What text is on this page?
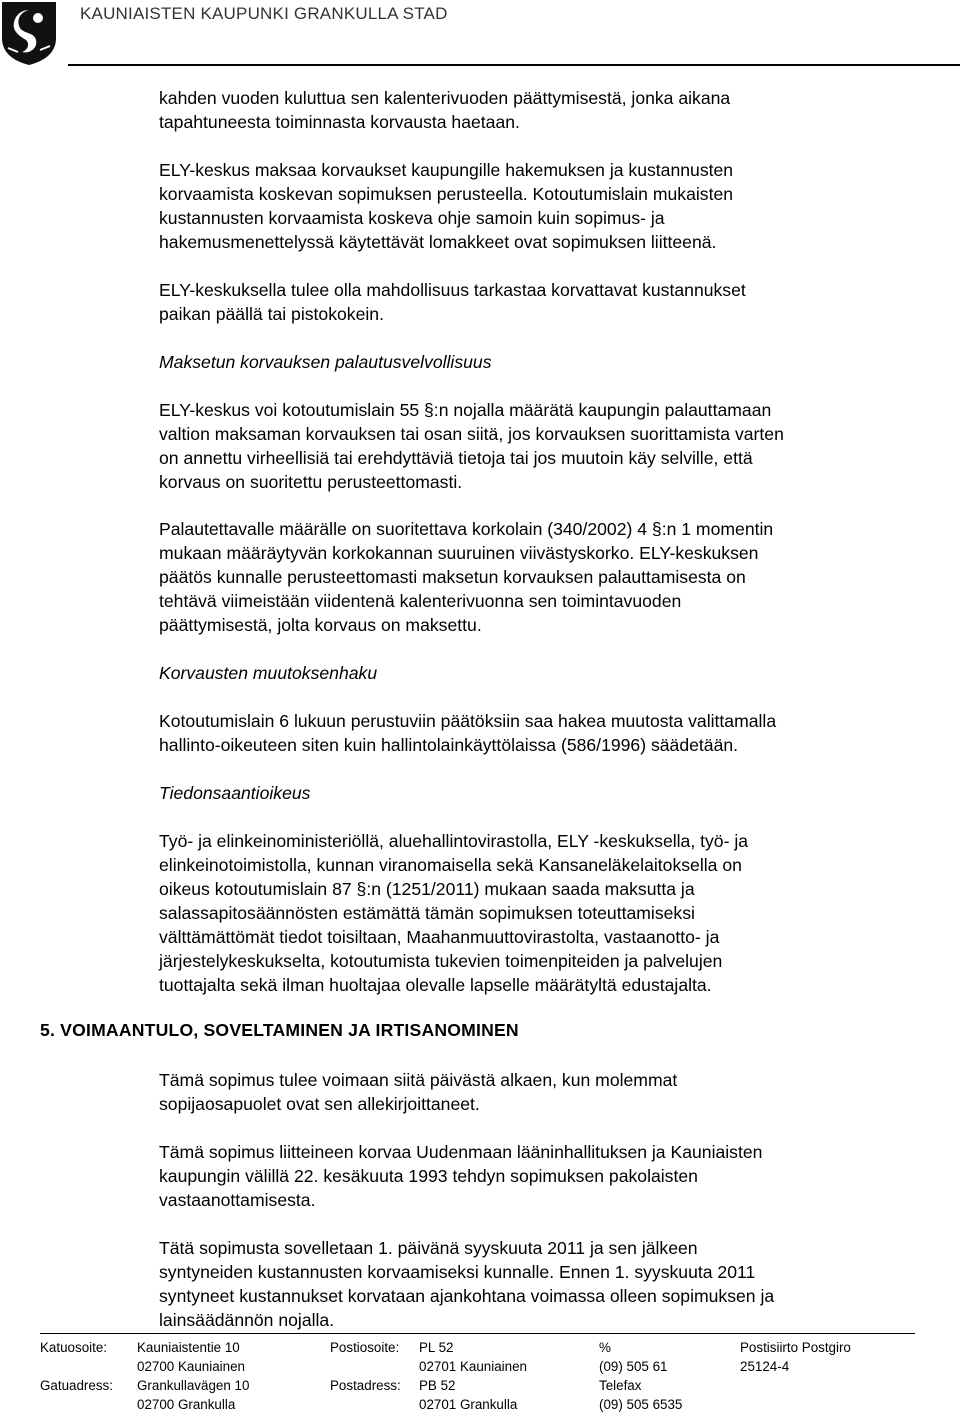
KAUNIAISTEN KAUPUNKI GRANKULLA STAD

kahden vuoden kuluttua sen kalenterivuoden päättymisestä, jonka aikana
tapahtuneesta toiminnasta korvausta haetaan.

ELY-keskus maksaa korvaukset kaupungille hakemuksen ja kustannusten
korvaamista koskevan sopimuksen perusteella. Kotoutumislain mukaisten
kustannusten korvaamista koskeva ohje samoin kuin sopimus- ja
hakemusmenettelyssä käytettävät lomakkeet ovat sopimuksen liitteenä.

ELY-keskuksella tulee olla mahdollisuus tarkastaa korvattavat kustannukset
paikan päällä tai pistokokein.

Maksetun korvauksen palautusvelvollisuus

ELY-keskus voi kotoutumislain 55 §:n nojalla määrätä kaupungin palauttamaan
valtion maksaman korvauksen tai osan siitä, jos korvauksen suorittamista varten
on annettu virheellisiä tai erehdyttäviä tietoja tai jos muutoin käy selville, että
korvaus on suoritettu perusteettomasti.

Palautettavalle määrälle on suoritettava korkolain (340/2002) 4 §:n 1 momentin
mukaan määräytyvän korkokannan suuruinen viivästyskorko. ELY-keskuksen
päätös kunnalle perusteettomasti maksetun korvauksen palauttamisesta on
tehtävä viimeistään viidentenä kalenterivuonna sen toimintavuoden
päättymisestä, jolta korvaus on maksettu.

Korvausten muutoksenhaku

Kotoutumislain 6 lukuun perustuviin päätöksiin saa hakea muutosta valittamalla
hallinto-oikeuteen siten kuin hallintolainkäyttölaissa (586/1996) säädetään.

Tiedonsaantioikeus

Työ- ja elinkeinoministeriöllä, aluehallintovirastolla, ELY -keskuksella, työ- ja
elinkeinotoimistolla, kunnan viranomaisella sekä Kansaneläkelaitoksella on
oikeus kotoutumislain 87 §:n (1251/2011) mukaan saada maksutta ja
salassapitosäännösten estämättä tämän sopimuksen toteuttamiseksi
välttämättömät tiedot toisiltaan, Maahanmuuttovirastolta, vastaanotto- ja
järjestelykeskukselta, kotoutumista tukevien toimenpiteiden ja palvelujen
tuottajalta sekä ilman huoltajaa olevalle lapselle määrätyltä edustajalta.

5. VOIMAANTULO, SOVELTAMINEN JA IRTISANOMINEN

Tämä sopimus tulee voimaan siitä päivästä alkaen, kun molemmat
sopijaosapuolet ovat sen allekirjoittaneet.

Tämä sopimus liitteineen korvaa Uudenmaan lääninhallituksen ja Kauniaisten
kaupungin välillä 22. kesäkuuta 1993 tehdyn sopimuksen pakolaisten
vastaanottamisesta.

Tätä sopimusta sovelletaan 1. päivänä syyskuuta 2011 ja sen jälkeen
syntyneiden kustannusten korvaamiseksi kunnalle. Ennen 1. syyskuuta 2011
syntyneet kustannukset korvataan ajankohtana voimassa olleen sopimuksen ja
lainsäädännön nojalla.

Katuosoite: Kauniaistentie 10
02700 Kauniainen
Postiosoite: PL 52
02701 Kauniainen
%
(09) 505 61
Postisiirto Postgiro
25124-4
Gatuadress: Grankullavägen 10
02700 Grankulla
Postadress: PB 52
02701 Grankulla
Telefax
(09) 505 6535
